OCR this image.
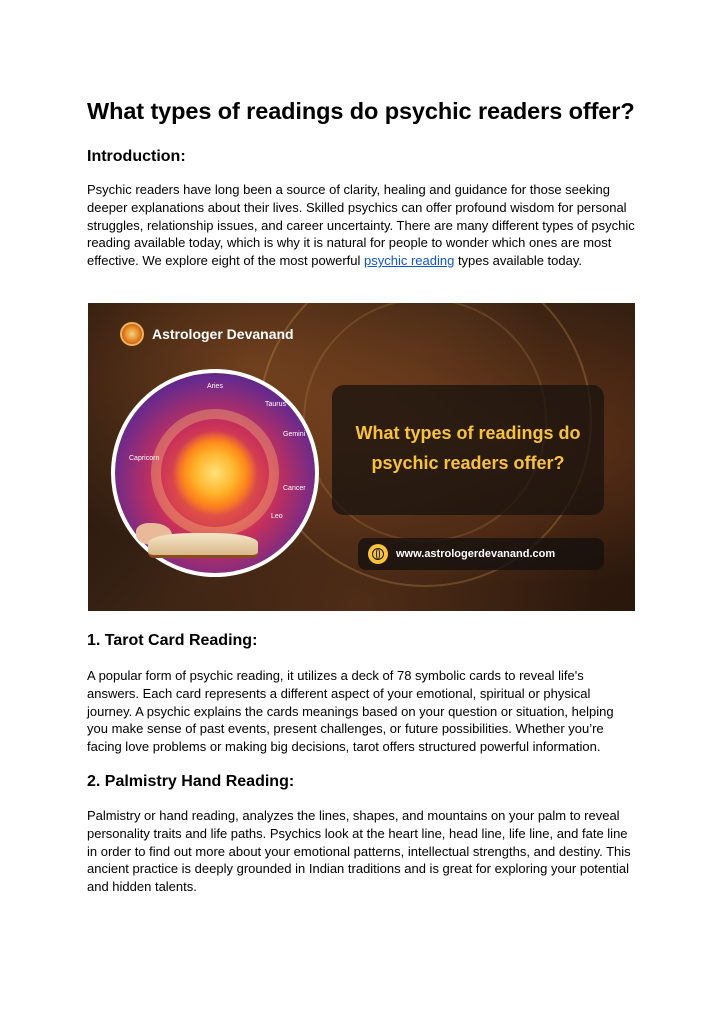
What types of readings do psychic readers offer?
Introduction:

Psychic readers have long been a source of clarity, healing and guidance for those seeking deeper explanations about their lives. Skilled psychics can offer profound wisdom for personal struggles, relationship issues, and career uncertainty. There are many different types of psychic reading available today, which is why it is natural for people to wonder which ones are most effective. We explore eight of the most powerful psychic reading types available today.

1. Tarot Card Reading:

A popular form of psychic reading, it utilizes a deck of 78 symbolic cards to reveal life's answers. Each card represents a different aspect of your emotional, spiritual or physical journey. A psychic explains the cards meanings based on your question or situation, helping you make sense of past events, present challenges, or future possibilities. Whether you’re facing love problems or making big decisions, tarot offers structured powerful information.

2. Palmistry Hand Reading:

Palmistry or hand reading, analyzes the lines, shapes, and mountains on your palm to reveal personality traits and life paths. Psychics look at the heart line, head line, life line, and fate line in order to find out more about your emotional patterns, intellectual strengths, and destiny. This ancient practice is deeply grounded in Indian traditions and is great for exploring your potential and hidden talents.

Astrologer Devanand
Aries
Taurus
Gemini
Cancer
Leo
Capricorn
What types of readings do
psychic readers offer?
www.astrologerdevanand.com
